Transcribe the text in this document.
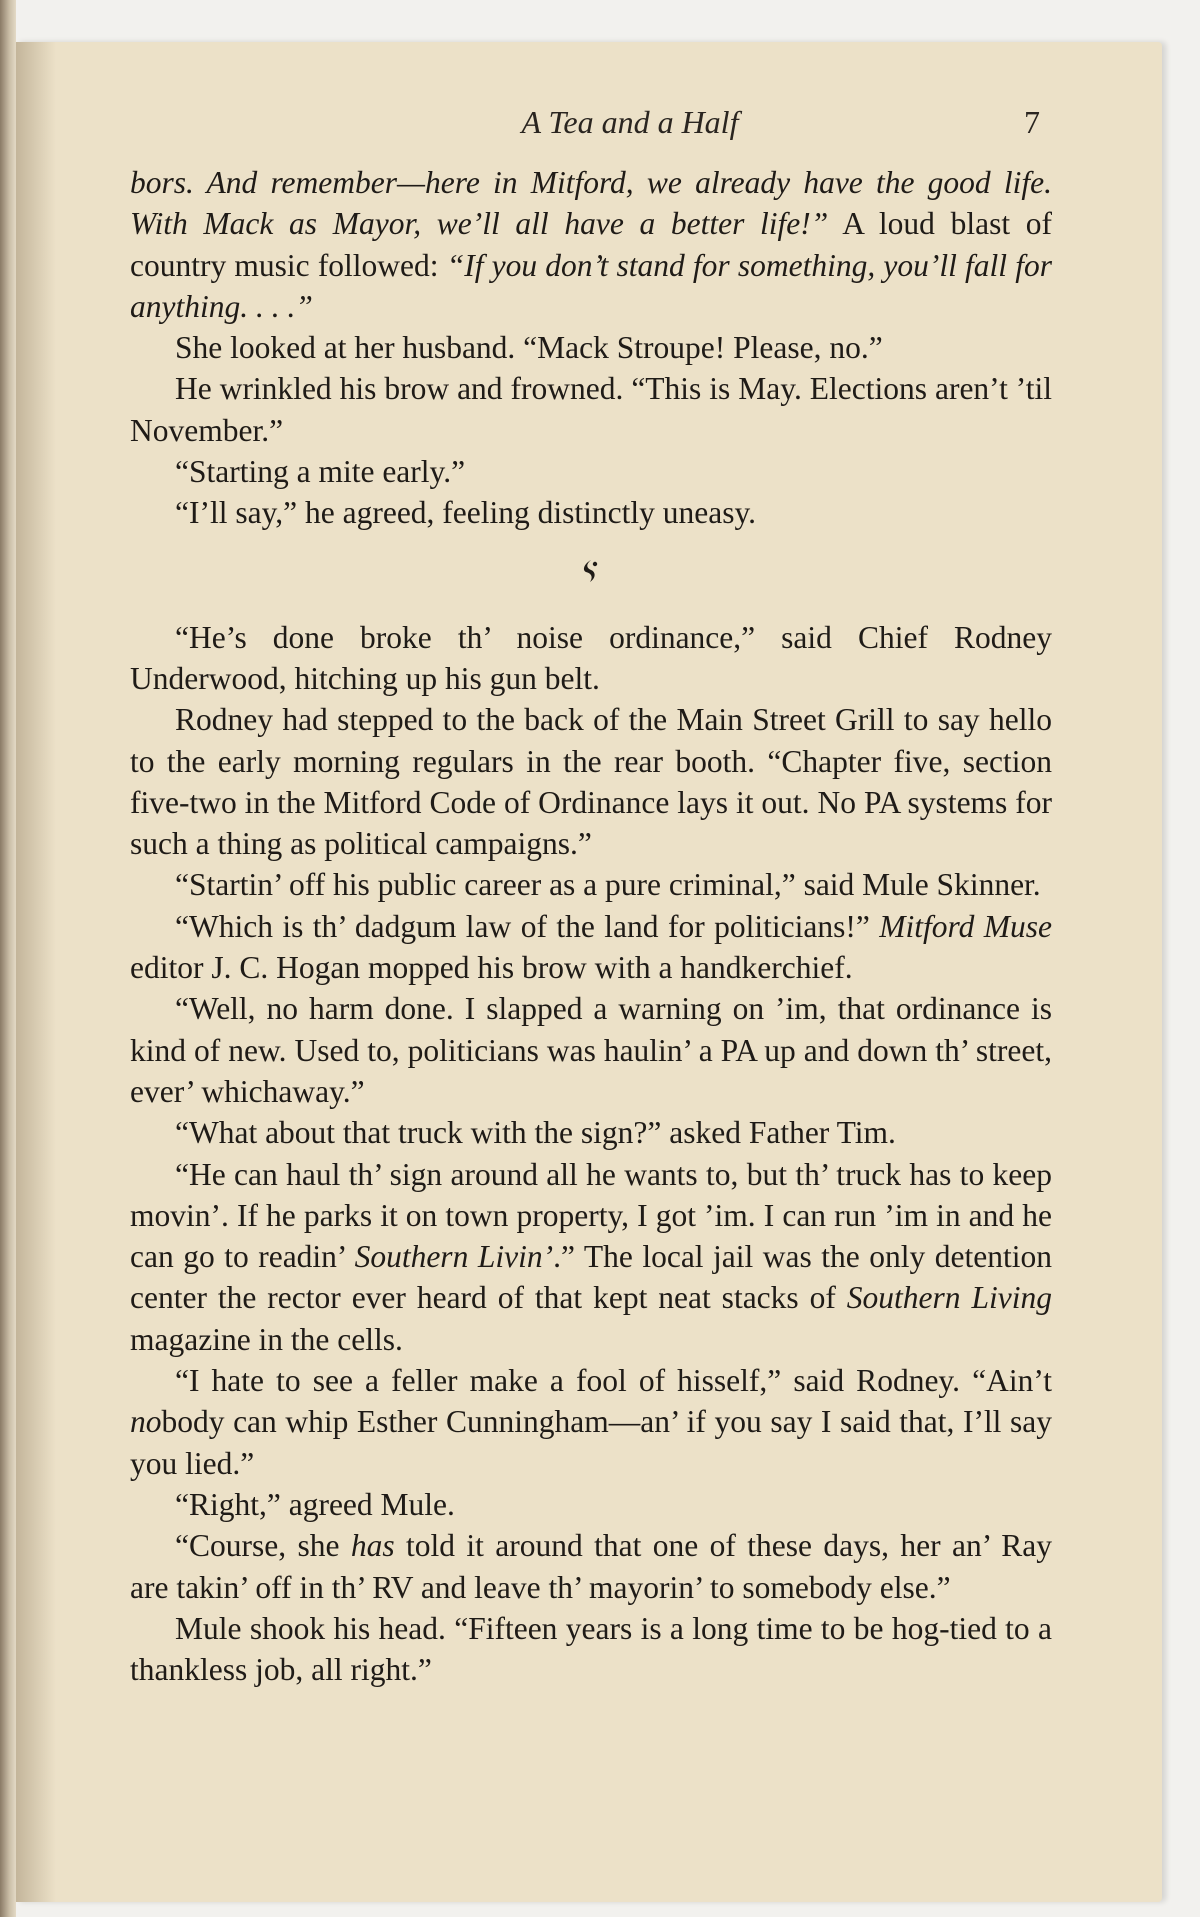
A Tea and a Half	7

bors. And remember—here in Mitford, we already have the good life. With Mack as Mayor, we’ll all have a better life!” A loud blast of country music followed: “If you don’t stand for something, you’ll fall for anything. . . .”

She looked at her husband. “Mack Stroupe! Please, no.”

He wrinkled his brow and frowned. “This is May. Elections aren’t ’til November.”

“Starting a mite early.”

“I’ll say,” he agreed, feeling distinctly uneasy.

“He’s done broke th’ noise ordinance,” said Chief Rodney Underwood, hitching up his gun belt.

Rodney had stepped to the back of the Main Street Grill to say hello to the early morning regulars in the rear booth. “Chapter five, section five-two in the Mitford Code of Ordinance lays it out. No PA systems for such a thing as political campaigns.”

“Startin’ off his public career as a pure criminal,” said Mule Skinner.

“Which is th’ dadgum law of the land for politicians!” Mitford Muse editor J. C. Hogan mopped his brow with a handkerchief.

“Well, no harm done. I slapped a warning on ’im, that ordinance is kind of new. Used to, politicians was haulin’ a PA up and down th’ street, ever’ whichaway.”

“What about that truck with the sign?” asked Father Tim.

“He can haul th’ sign around all he wants to, but th’ truck has to keep movin’. If he parks it on town property, I got ’im. I can run ’im in and he can go to readin’ Southern Livin’.” The local jail was the only detention center the rector ever heard of that kept neat stacks of Southern Living magazine in the cells.

“I hate to see a feller make a fool of hisself,” said Rodney. “Ain’t nobody can whip Esther Cunningham—an’ if you say I said that, I’ll say you lied.”

“Right,” agreed Mule.

“Course, she has told it around that one of these days, her an’ Ray are takin’ off in th’ RV and leave th’ mayorin’ to somebody else.”

Mule shook his head. “Fifteen years is a long time to be hog-tied to a thankless job, all right.”
